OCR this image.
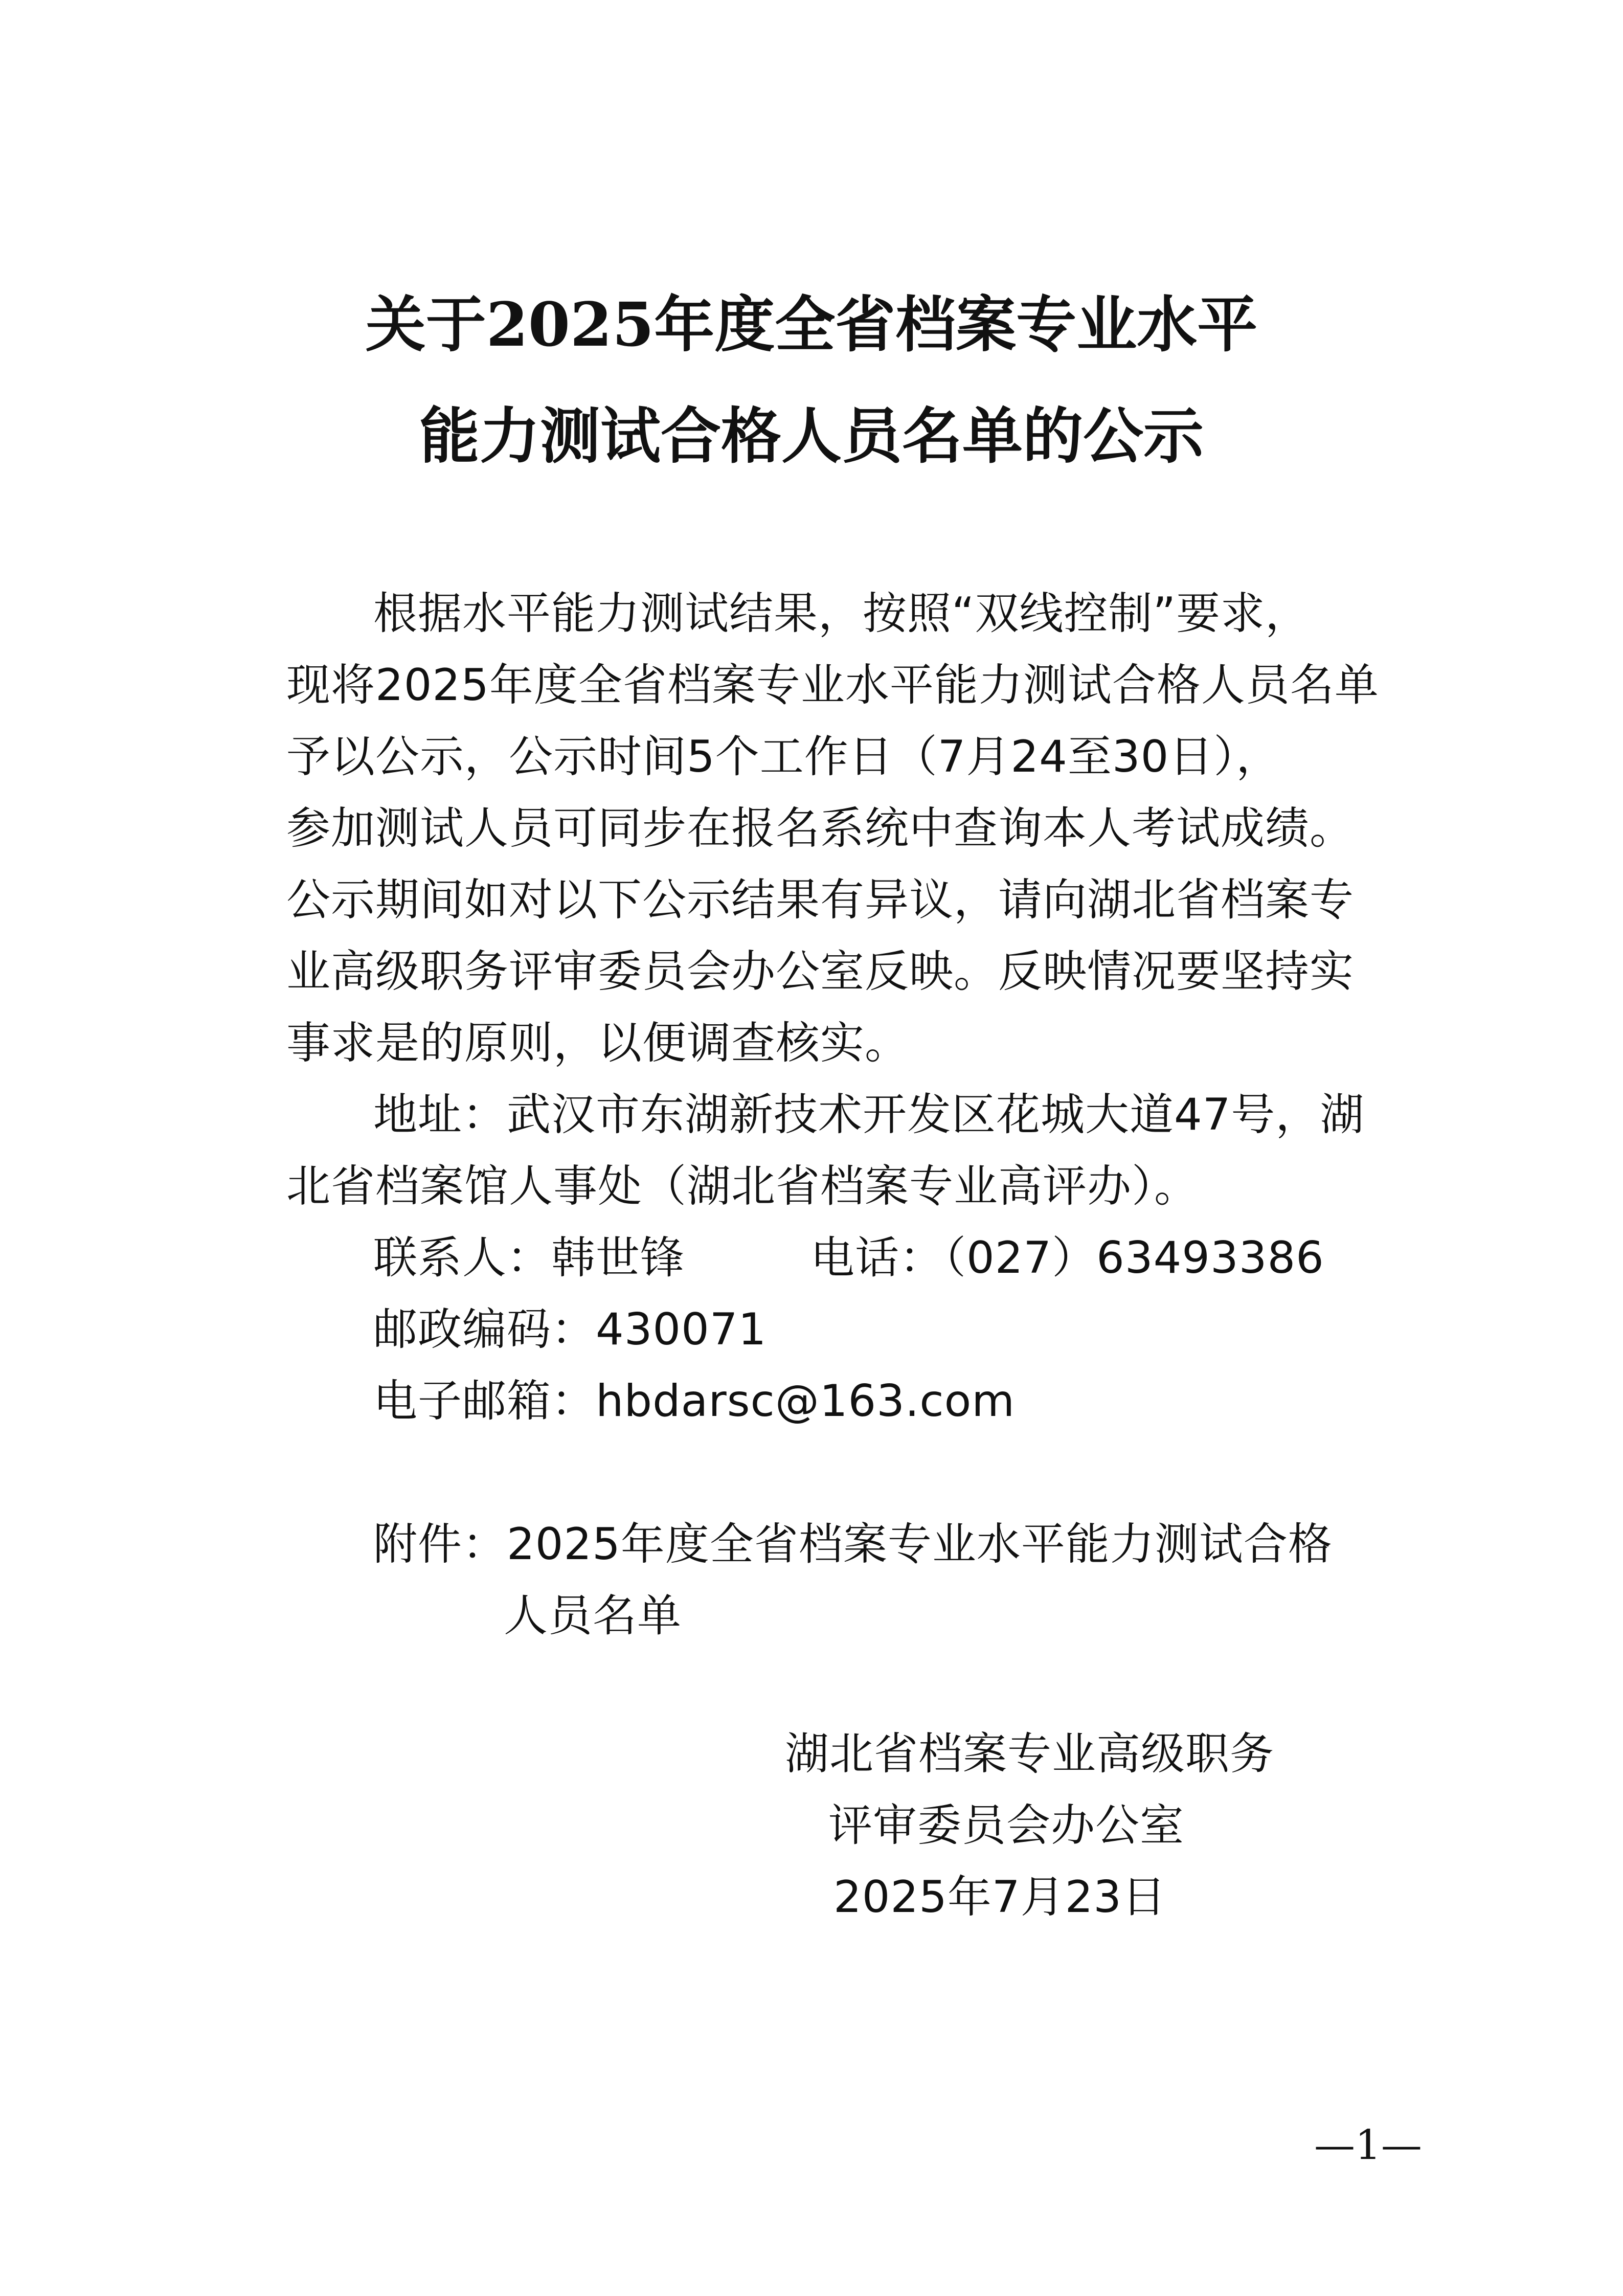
关于2025年度全省档案专业水平
能力测试合格人员名单的公示
根据水平能力测试结果，按照“双线控制”要求，
现将2025年度全省档案专业水平能力测试合格人员名单
予以公示，公示时间5个工作日（7月24至30日），
参加测试人员可同步在报名系统中查询本人考试成绩。
公示期间如对以下公示结果有异议，请向湖北省档案专
业高级职务评审委员会办公室反映。反映情况要坚持实
事求是的原则，以便调查核实。
地址：武汉市东湖新技术开发区花城大道47号，湖
北省档案馆人事处（湖北省档案专业高评办）。
联系人：韩世锋	电话：（027）63493386
邮政编码：430071
电子邮箱：hbdarsc@163.com
附件：2025年度全省档案专业水平能力测试合格
人员名单
湖北省档案专业高级职务
评审委员会办公室
2025年7月23日
—1—
